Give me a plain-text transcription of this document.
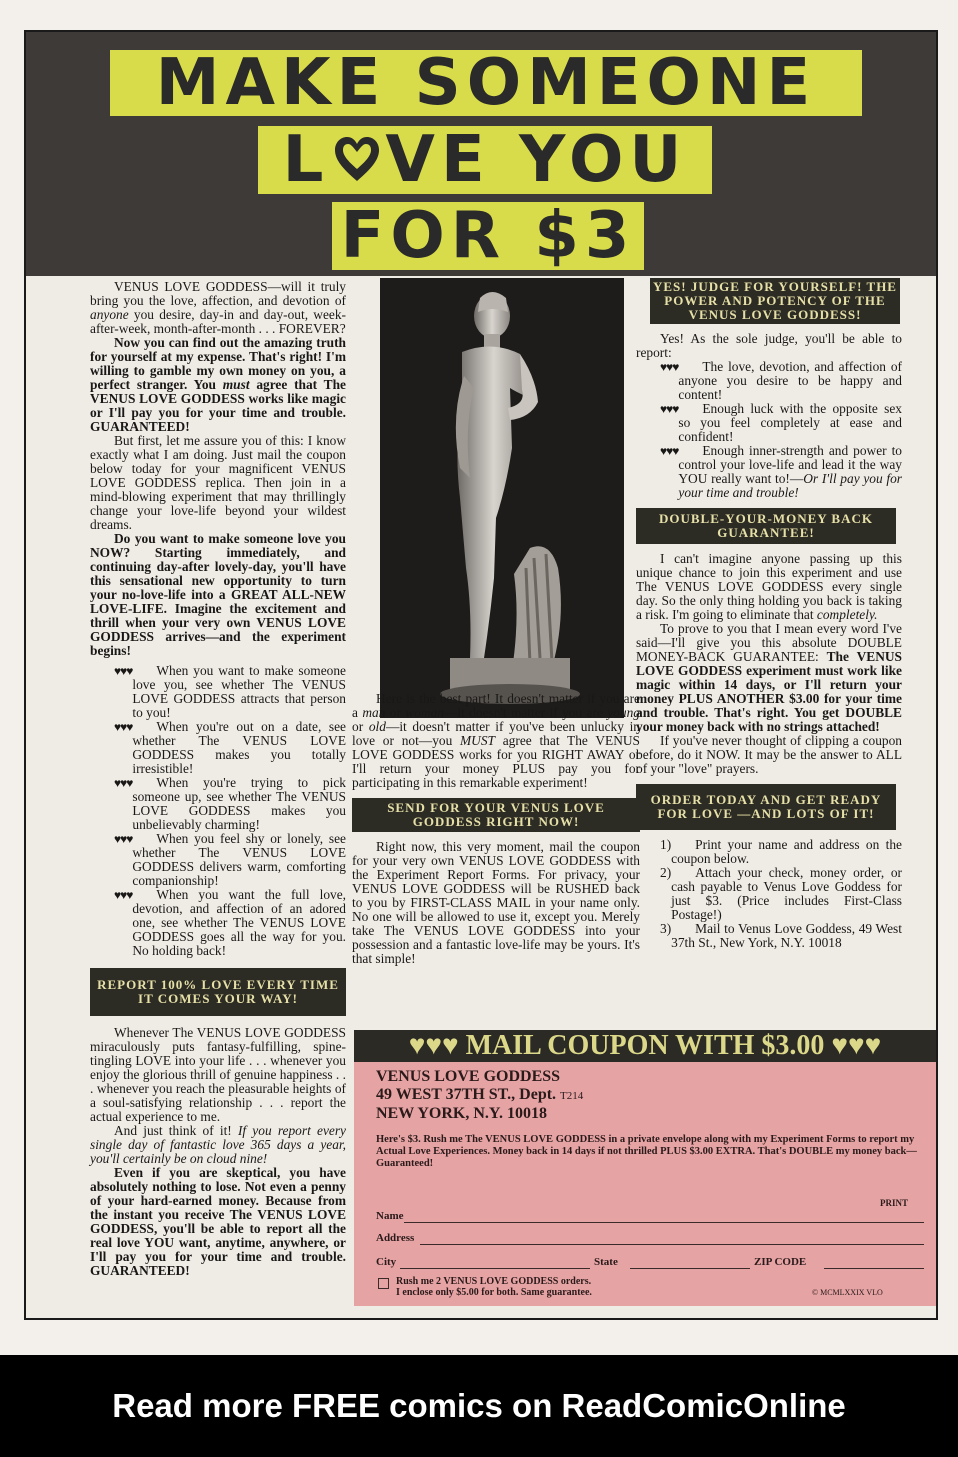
MAKE SOMEONE
L VE YOU
FOR $3

VENUS LOVE GODDESS—will it truly bring you the love, affection, and devotion of anyone you desire, day-in and day-out, week-after-week, month-after-month . . . FOREVER?

Now you can find out the amazing truth for yourself at my expense. That's right! I'm willing to gamble my own money on you, a perfect stranger. You must agree that The VENUS LOVE GODDESS works like magic or I'll pay you for your time and trouble. GUARANTEED!

But first, let me assure you of this: I know exactly what I am doing. Just mail the coupon below today for your magnificent VENUS LOVE GODDESS replica. Then join in a mind-blowing experiment that may thrillingly change your love-life beyond your wildest dreams.

Do you want to make someone love you NOW? Starting immediately, and continuing day-after lovely-day, you'll have this sensational new opportunity to turn your no-love-life into a GREAT ALL-NEW LOVE-LIFE. Imagine the excitement and thrill when your very own VENUS LOVE GODDESS arrives—and the experiment begins!

♥♥♥	When you want to make someone love you, see whether The VENUS LOVE GODDESS attracts that person to you!

♥♥♥	When you're out on a date, see whether The VENUS LOVE GODDESS makes you totally irresistible!

♥♥♥	When you're trying to pick someone up, see whether The VENUS LOVE GODDESS makes you unbelievably charming!

♥♥♥	When you feel shy or lonely, see whether The VENUS LOVE GODDESS delivers warm, comforting companionship!

♥♥♥	When you want the full love, devotion, and affection of an adored one, see whether The VENUS LOVE GODDESS goes all the way for you. No holding back!

REPORT 100% LOVE EVERY TIME IT COMES YOUR WAY!

Whenever The VENUS LOVE GODDESS miraculously puts fantasy-fulfilling, spine-tingling LOVE into your life . . . whenever you enjoy the glorious thrill of genuine happiness . . . whenever you reach the pleasurable heights of a soul-satisfying relationship . . . report the actual experience to me.

And just think of it! If you report every single day of fantastic love 365 days a year, you'll certainly be on cloud nine!

Even if you are skeptical, you have absolutely nothing to lose. Not even a penny of your hard-earned money. Because from the instant you receive The VENUS LOVE GODDESS, you'll be able to report all the real love YOU want, anytime, anywhere, or I'll pay you for your time and trouble. GUARANTEED!

Here is the best part! It doesn't matter if you are a man or woman—it doesn't matter if you are young or old—it doesn't matter if you've been unlucky in love or not—you MUST agree that The VENUS LOVE GODDESS works for you RIGHT AWAY or I'll return your money PLUS pay you for participating in this remarkable experiment!

SEND FOR YOUR VENUS LOVE GODDESS RIGHT NOW!

Right now, this very moment, mail the coupon for your very own VENUS LOVE GODDESS with the Experiment Report Forms. For privacy, your VENUS LOVE GODDESS will be RUSHED back to you by FIRST-CLASS MAIL in your name only. No one will be allowed to use it, except you. Merely take The VENUS LOVE GODDESS into your possession and a fantastic love-life may be yours. It's that simple!

YES! JUDGE FOR YOURSELF! THE POWER AND POTENCY OF THE VENUS LOVE GODDESS!

Yes! As the sole judge, you'll be able to report:

♥♥♥	The love, devotion, and affection of anyone you desire to be happy and content!

♥♥♥	Enough luck with the opposite sex so you feel completely at ease and confident!

♥♥♥	Enough inner-strength and power to control your love-life and lead it the way YOU really want to!—Or I'll pay you for your time and trouble!

DOUBLE-YOUR-MONEY BACK GUARANTEE!

I can't imagine anyone passing up this unique chance to join this experiment and use The VENUS LOVE GODDESS every single day. So the only thing holding you back is taking a risk. I'm going to eliminate that completely.

To prove to you that I mean every word I've said—I'll give you this absolute DOUBLE MONEY-BACK GUARANTEE: The VENUS LOVE GODDESS experiment must work like magic within 14 days, or I'll return your money PLUS ANOTHER $3.00 for your time and trouble. That's right. You get DOUBLE your money back with no strings attached!

If you've never thought of clipping a coupon before, do it NOW. It may be the answer to ALL of your "love" prayers.

ORDER TODAY AND GET READY FOR LOVE —AND LOTS OF IT!

1)	Print your name and address on the coupon below.

2)	Attach your check, money order, or cash payable to Venus Love Goddess for just $3. (Price includes First-Class Postage!)

3)	Mail to Venus Love Goddess, 49 West 37th St., New York, N.Y. 10018

♥♥♥ MAIL COUPON WITH $3.00 ♥♥♥
VENUS LOVE GODDESS
49 WEST 37TH ST., Dept. T214
NEW YORK, N.Y. 10018
Here's $3. Rush me The VENUS LOVE GODDESS in a private envelope along with my Experiment Forms to report my Actual Love Experiences. Money back in 14 days if not thrilled PLUS $3.00 EXTRA. That's DOUBLE my money back—Guaranteed!
PRINT
Name
Address
City	State	ZIP CODE
Rush me 2 VENUS LOVE GODDESS orders.
I enclose only $5.00 for both. Same guarantee.	© MCMLXXIX VLO
Read more FREE comics on ReadComicOnline
